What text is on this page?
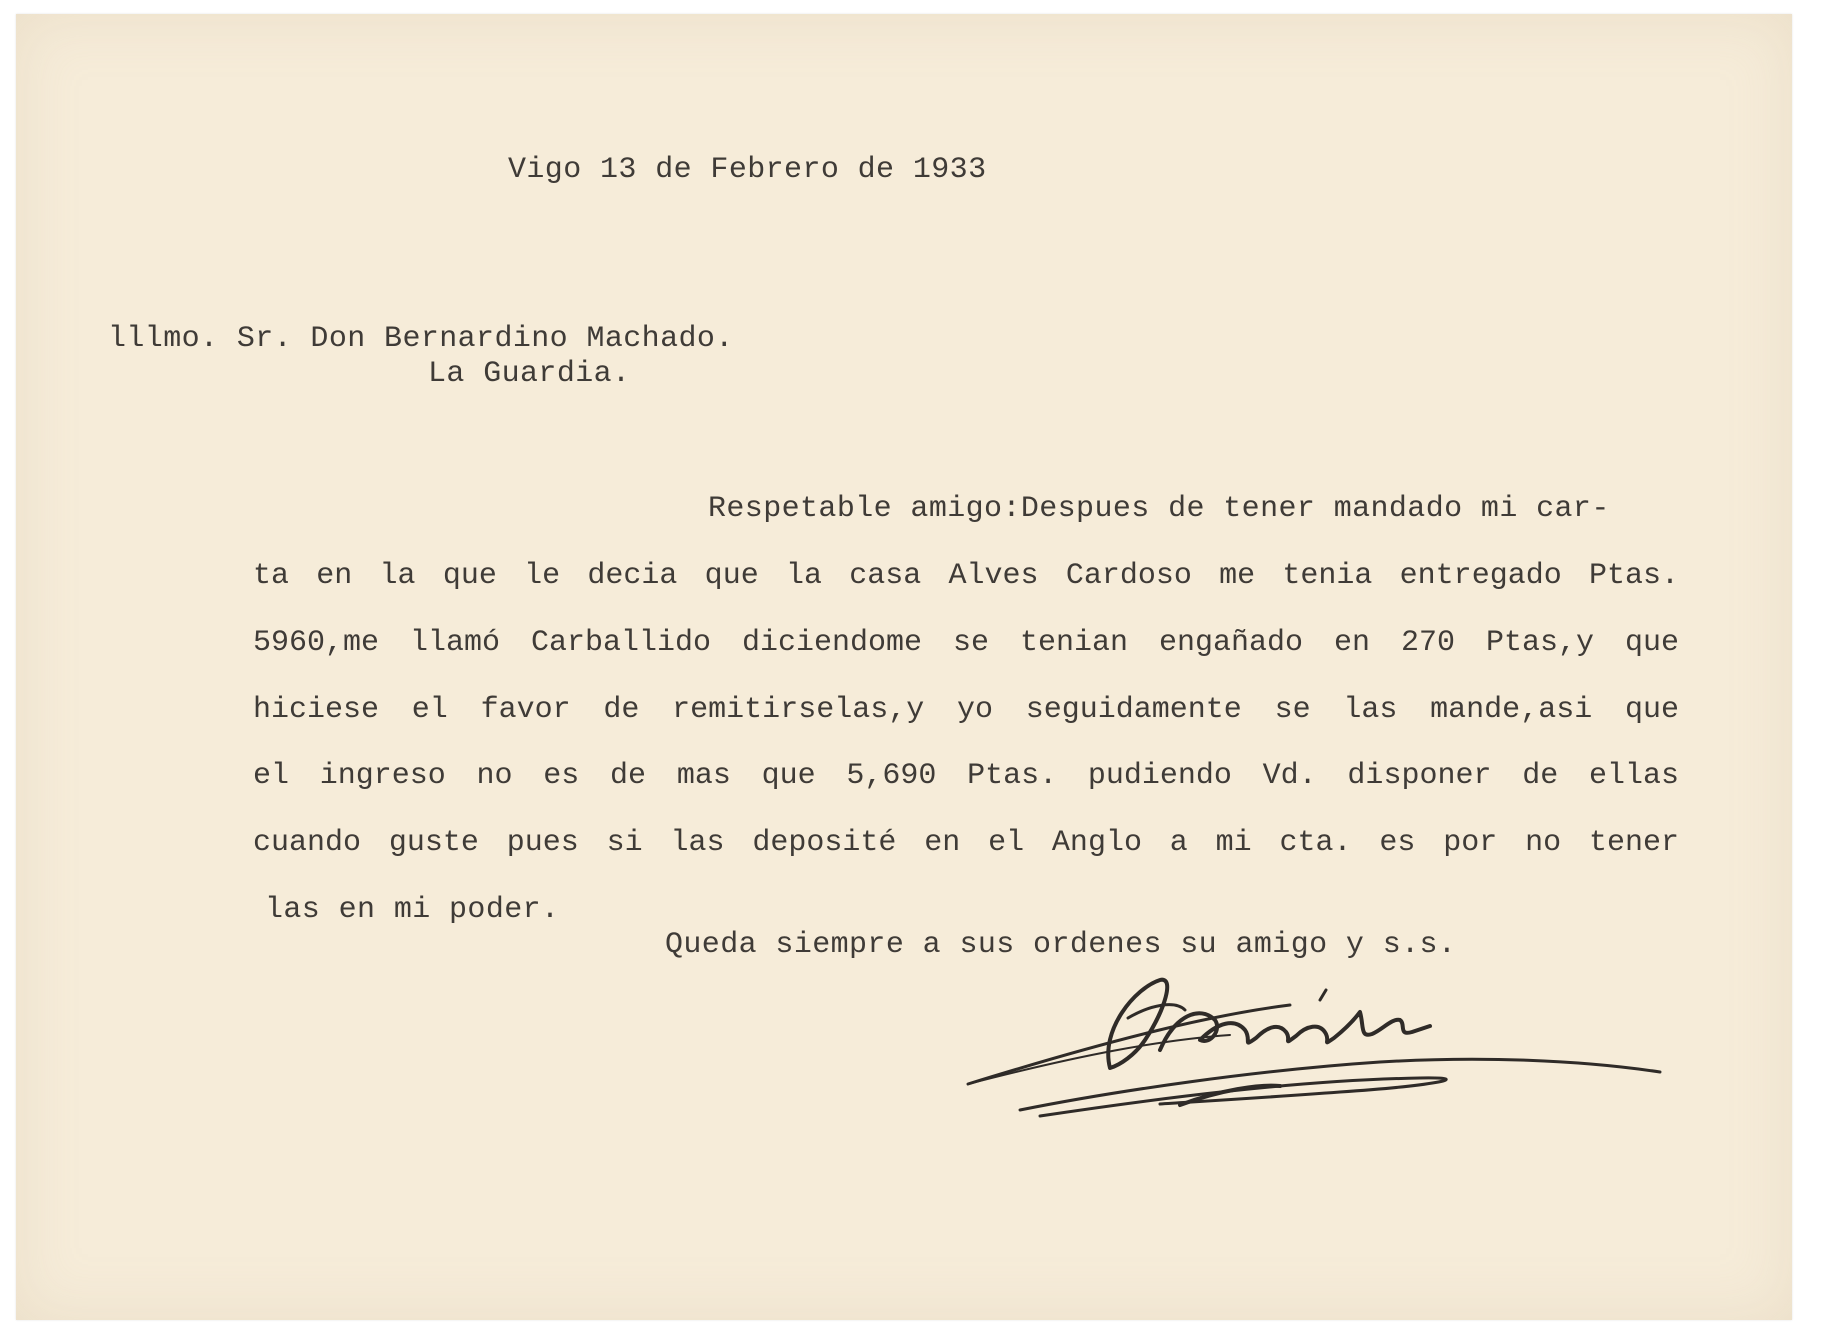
Vigo 13 de Febrero de 1933
lllmo. Sr. Don Bernardino Machado.
La Guardia.
Respetable amigo:Despues de tener mandado mi car-
ta en la que le decia que la casa Alves Cardoso me tenia entregado Ptas.
5960,me llamó Carballido diciendome se tenian engañado en 270 Ptas,y que
hiciese el favor de remitirselas,y yo seguidamente se las mande,asi que
el ingreso no es de mas que 5,690 Ptas. pudiendo Vd. disponer de ellas
cuando guste pues si las deposité en el Anglo a mi cta. es por no tener
las en mi poder.
Queda siempre a sus ordenes su amigo y s.s.
